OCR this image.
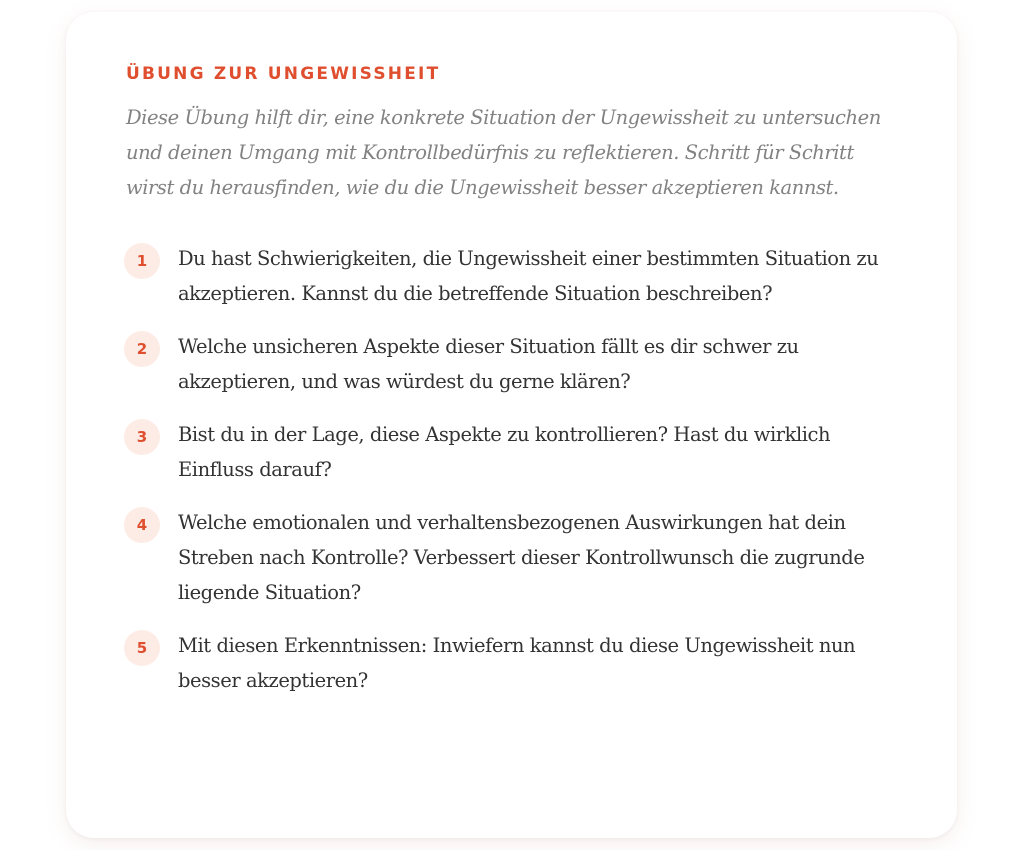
ÜBUNG ZUR UNGEWISSHEIT

Diese Übung hilft dir, eine konkrete Situation der Ungewissheit zu untersuchen und deinen Umgang mit Kontrollbedürfnis zu reflektieren. Schritt für Schritt wirst du herausfinden, wie du die Ungewissheit besser akzeptieren kannst.

1	Du hast Schwierigkeiten, die Ungewissheit einer bestimmten Situation zu akzeptieren. Kannst du die betreffende Situation beschreiben?
2	Welche unsicheren Aspekte dieser Situation fällt es dir schwer zu akzeptieren, und was würdest du gerne klären?
3	Bist du in der Lage, diese Aspekte zu kontrollieren? Hast du wirklich Einfluss darauf?
4	Welche emotionalen und verhaltensbezogenen Auswirkungen hat dein Streben nach Kontrolle? Verbessert dieser Kontrollwunsch die zugrunde liegende Situation?
5	Mit diesen Erkenntnissen: Inwiefern kannst du diese Ungewissheit nun besser akzeptieren?
